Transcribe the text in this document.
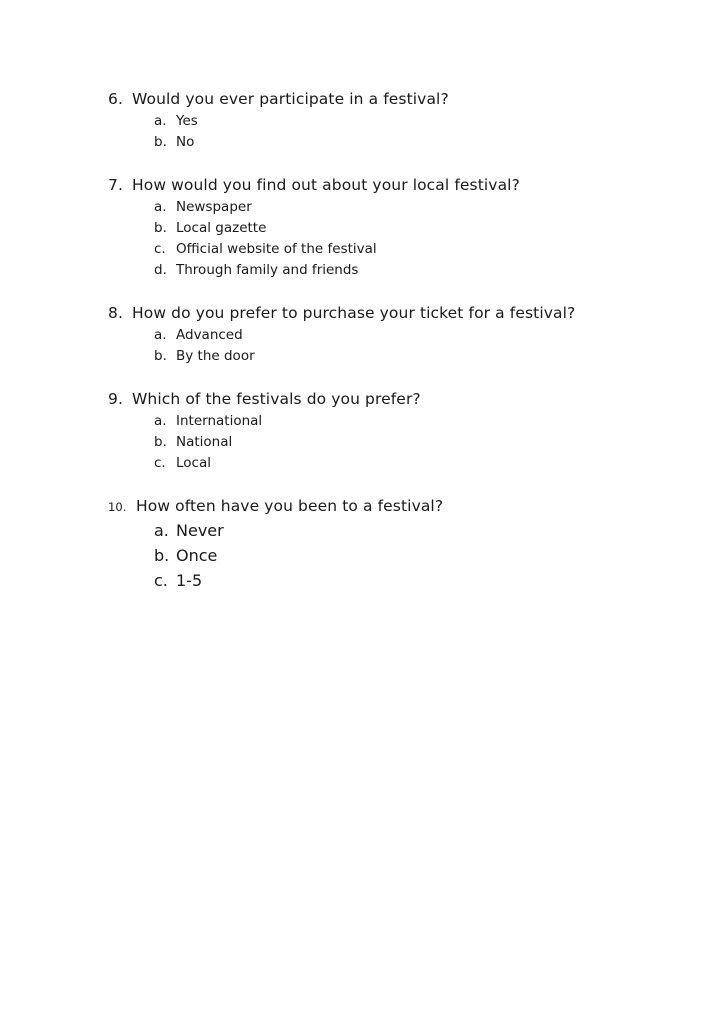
6. Would you ever participate in a festival?
a. Yes
b. No
7. How would you find out about your local festival?
a. Newspaper
b. Local gazette
c. Official website of the festival
d. Through family and friends
8. How do you prefer to purchase your ticket for a festival?
a. Advanced
b. By the door
9. Which of the festivals do you prefer?
a. International
b. National
c. Local
10. How often have you been to a festival?
a. Never
b. Once
c. 1-5
